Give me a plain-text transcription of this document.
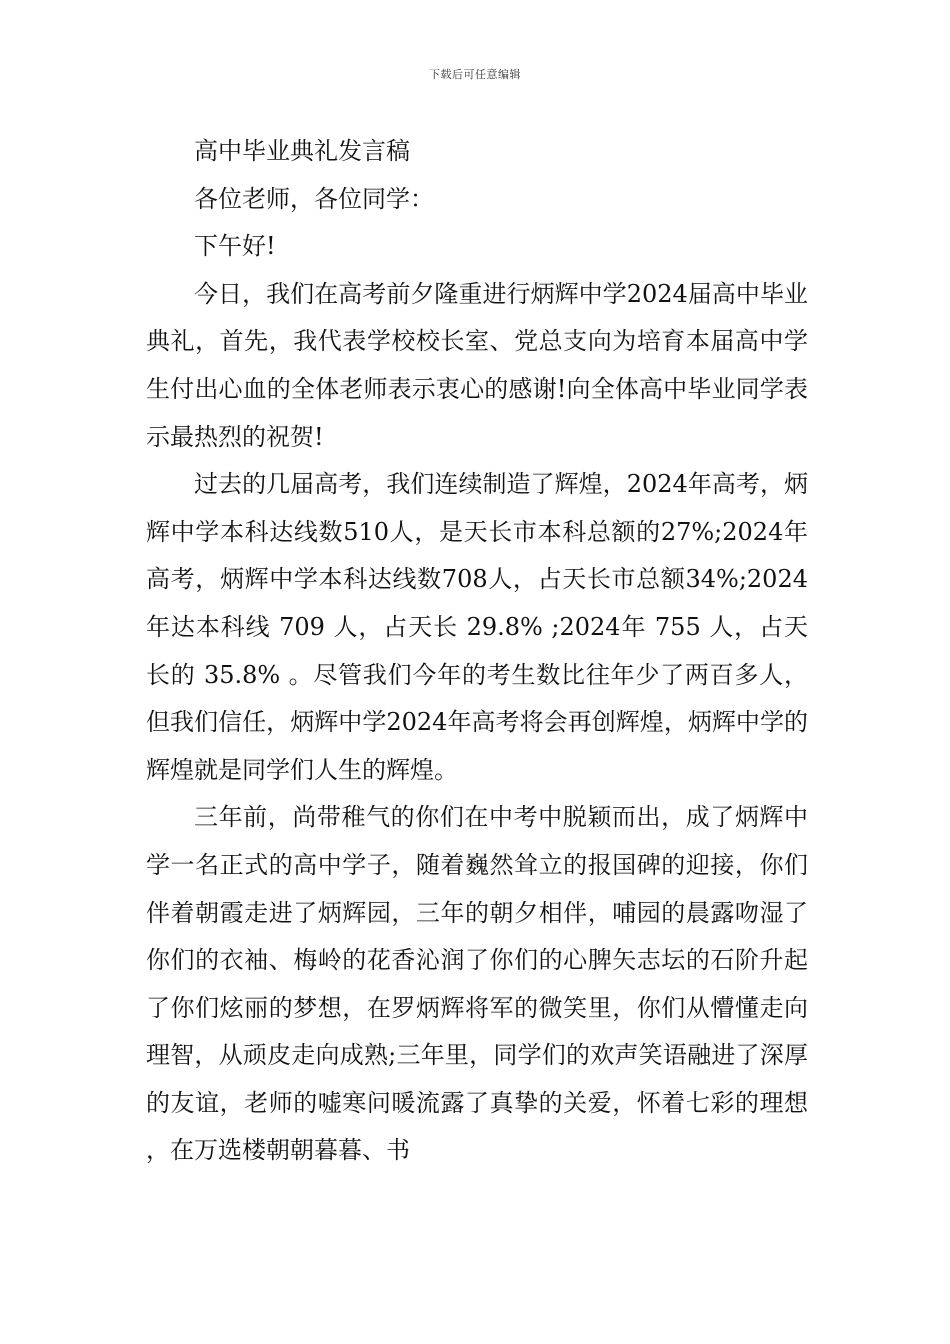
下载后可任意编辑

高中毕业典礼发言稿

各位老师，各位同学：

下午好!

今日，我们在高考前夕隆重进行炳辉中学2024届高中毕业典礼，首先，我代表学校校长室、党总支向为培育本届高中学生付出心血的全体老师表示衷心的感谢!向全体高中毕业同学表示最热烈的祝贺!

过去的几届高考，我们连续制造了辉煌，2024年高考，炳辉中学本科达线数510人，是天长市本科总额的27%;2024年高考，炳辉中学本科达线数708人，占天长市总额34%;2024年达本科线 709 人，占天长 29.8% ;2024年 755 人，占天长的 35.8% 。尽管我们今年的考生数比往年少了两百多人，但我们信任，炳辉中学2024年高考将会再创辉煌，炳辉中学的辉煌就是同学们人生的辉煌。

三年前，尚带稚气的你们在中考中脱颖而出，成了炳辉中学一名正式的高中学子，随着巍然耸立的报国碑的迎接，你们伴着朝霞走进了炳辉园，三年的朝夕相伴，哺园的晨露吻湿了你们的衣袖、梅岭的花香沁润了你们的心脾矢志坛的石阶升起了你们炫丽的梦想，在罗炳辉将军的微笑里，你们从懵懂走向理智，从顽皮走向成熟;三年里，同学们的欢声笑语融进了深厚的友谊，老师的嘘寒问暖流露了真挚的关爱，怀着七彩的理想，在万选楼朝朝暮暮、书
